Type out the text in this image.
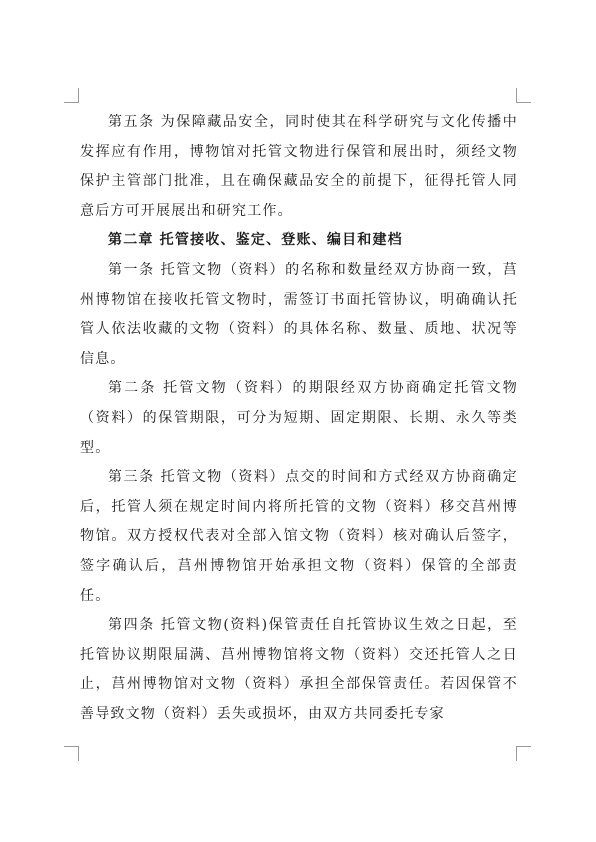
第五条 为保障藏品安全，同时使其在科学研究与文化传播中发挥应有作用，博物馆对托管文物进行保管和展出时，须经文物保护主管部门批准，且在确保藏品安全的前提下，征得托管人同意后方可开展展出和研究工作。

第二章 托管接收、鉴定、登账、编目和建档

第一条 托管文物（资料）的名称和数量经双方协商一致，莒州博物馆在接收托管文物时，需签订书面托管协议，明确确认托管人依法收藏的文物（资料）的具体名称、数量、质地、状况等信息。

第二条 托管文物（资料）的期限经双方协商确定托管文物（资料）的保管期限，可分为短期、固定期限、长期、永久等类型。

第三条 托管文物（资料）点交的时间和方式经双方协商确定后，托管人须在规定时间内将所托管的文物（资料）移交莒州博物馆。双方授权代表对全部入馆文物（资料）核对确认后签字，签字确认后，莒州博物馆开始承担文物（资料）保管的全部责任。

第四条 托管文物(资料)保管责任自托管协议生效之日起，至托管协议期限届满、莒州博物馆将文物（资料）交还托管人之日止，莒州博物馆对文物（资料）承担全部保管责任。若因保管不善导致文物（资料）丢失或损坏，由双方共同委托专家
